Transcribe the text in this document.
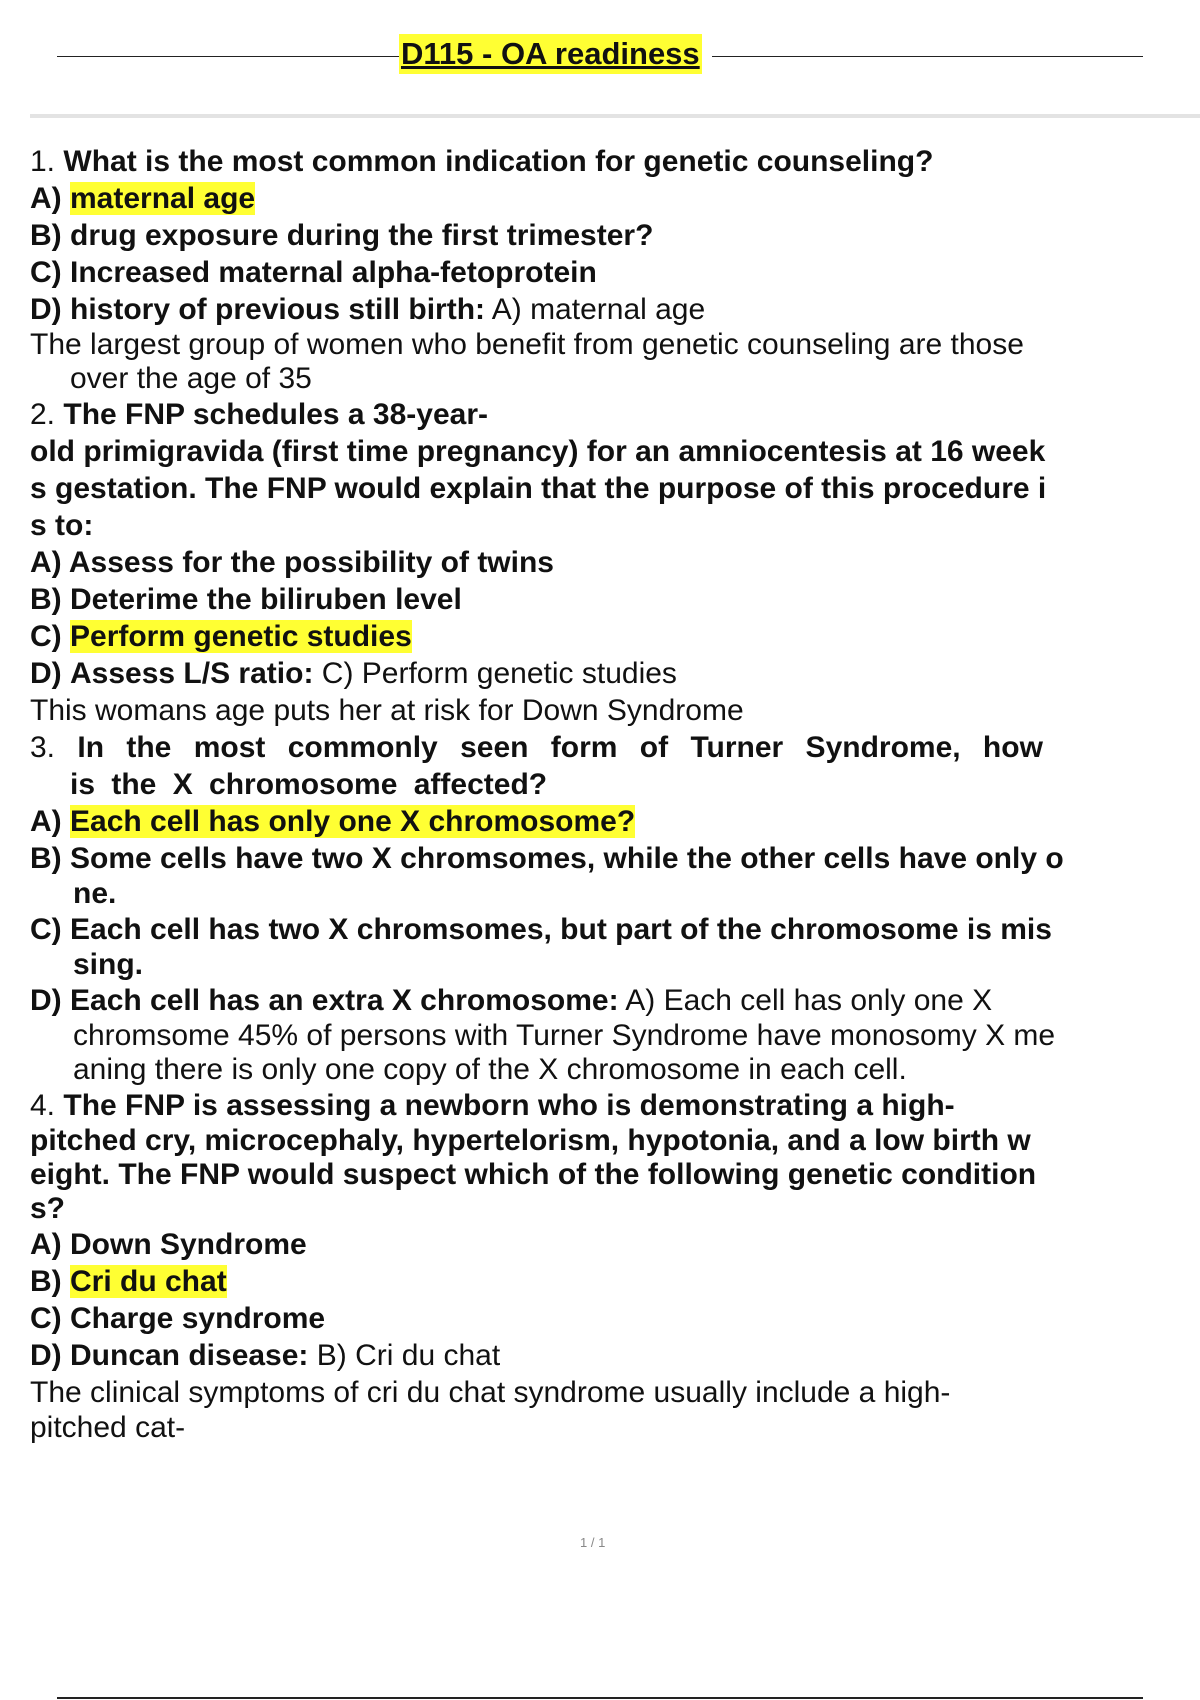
D115 - OA readiness
1. What is the most common indication for genetic counseling?
A) maternal age
B) drug exposure during the first trimester?
C) Increased maternal alpha-fetoprotein
D) history of previous still birth: A) maternal age
The largest group of women who benefit from genetic counseling are those
over the age of 35
2. The FNP schedules a 38-year-
old primigravida (first time pregnancy) for an amniocentesis at 16 week
s gestation. The FNP would explain that the purpose of this procedure i
s to:
A) Assess for the possibility of twins
B) Deterime the biliruben level
C) Perform genetic studies
D) Assess L/S ratio: C) Perform genetic studies
This womans age puts her at risk for Down Syndrome
3. In the most commonly seen form of Turner Syndrome, how
is the X chromosome affected?
A) Each cell has only one X chromosome?
B) Some cells have two X chromsomes, while the other cells have only o
ne.
C) Each cell has two X chromsomes, but part of the chromosome is mis
sing.
D) Each cell has an extra X chromosome: A) Each cell has only one X
chromsome 45% of persons with Turner Syndrome have monosomy X me
aning there is only one copy of the X chromosome in each cell.
4. The FNP is assessing a newborn who is demonstrating a high-
pitched cry, microcephaly, hypertelorism, hypotonia, and a low birth w
eight. The FNP would suspect which of the following genetic condition
s?
A) Down Syndrome
B) Cri du chat
C) Charge syndrome
D) Duncan disease: B) Cri du chat
The clinical symptoms of cri du chat syndrome usually include a high-
pitched cat-
1 / 1
